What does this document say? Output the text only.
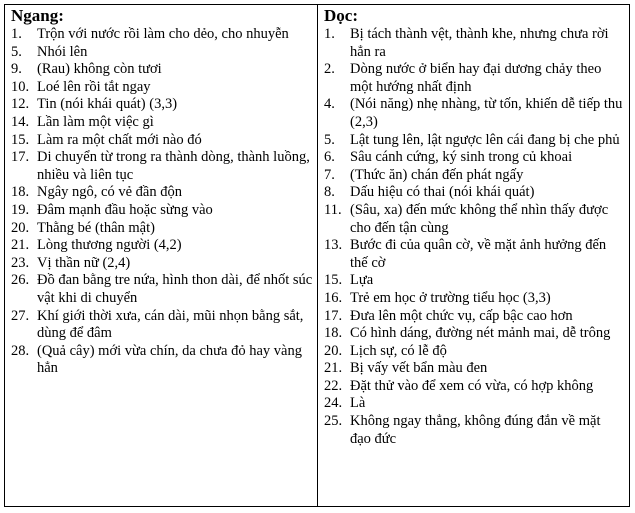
Ngang:
1.	Trộn với nước rồi làm cho dẻo, cho nhuyễn
5.	Nhói lên
9.	(Rau) không còn tươi
10. Loé lên rồi tắt ngay
12. Tin (nói khái quát) (3,3)
14. Lần làm một việc gì
15. Làm ra một chất mới nào đó
17. Di chuyển từ trong ra thành dòng, thành luồng, nhiều và liên tục
18. Ngây ngô, có vẻ đần độn
19. Đâm mạnh đầu hoặc sừng vào
20. Thằng bé (thân mật)
21. Lòng thương người (4,2)
23. Vị thần nữ (2,4)
26. Đồ đan bằng tre nứa, hình thon dài, để nhốt súc vật khi di chuyển
27. Khí giới thời xưa, cán dài, mũi nhọn bằng sắt, dùng để đâm
28. (Quả cây) mới vừa chín, da chưa đỏ hay vàng hẳn
Dọc:
1.	Bị tách thành vệt, thành khe, nhưng chưa rời hẳn ra
2.	Dòng nước ở biển hay đại dương chảy theo một hướng nhất định
4.	(Nói năng) nhẹ nhàng, từ tốn, khiến dễ tiếp thu (2,3)
5.	Lật tung lên, lật ngược lên cái đang bị che phủ
6.	Sâu cánh cứng, ký sinh trong củ khoai
7.	(Thức ăn) chán đến phát ngấy
8.	Dấu hiệu có thai (nói khái quát)
11. (Sâu, xa) đến mức không thể nhìn thấy được cho đến tận cùng
13. Bước đi của quân cờ, về mặt ảnh hưởng đến thế cờ
15. Lựa
16. Trẻ em học ở trường tiểu học (3,3)
17. Đưa lên một chức vụ, cấp bậc cao hơn
18. Có hình dáng, đường nét mảnh mai, dễ trông
20. Lịch sự, có lễ độ
21. Bị vấy vết bẩn màu đen
22. Đặt thử vào để xem có vừa, có hợp không
24. Là
25. Không ngay thẳng, không đúng đắn về mặt đạo đức
